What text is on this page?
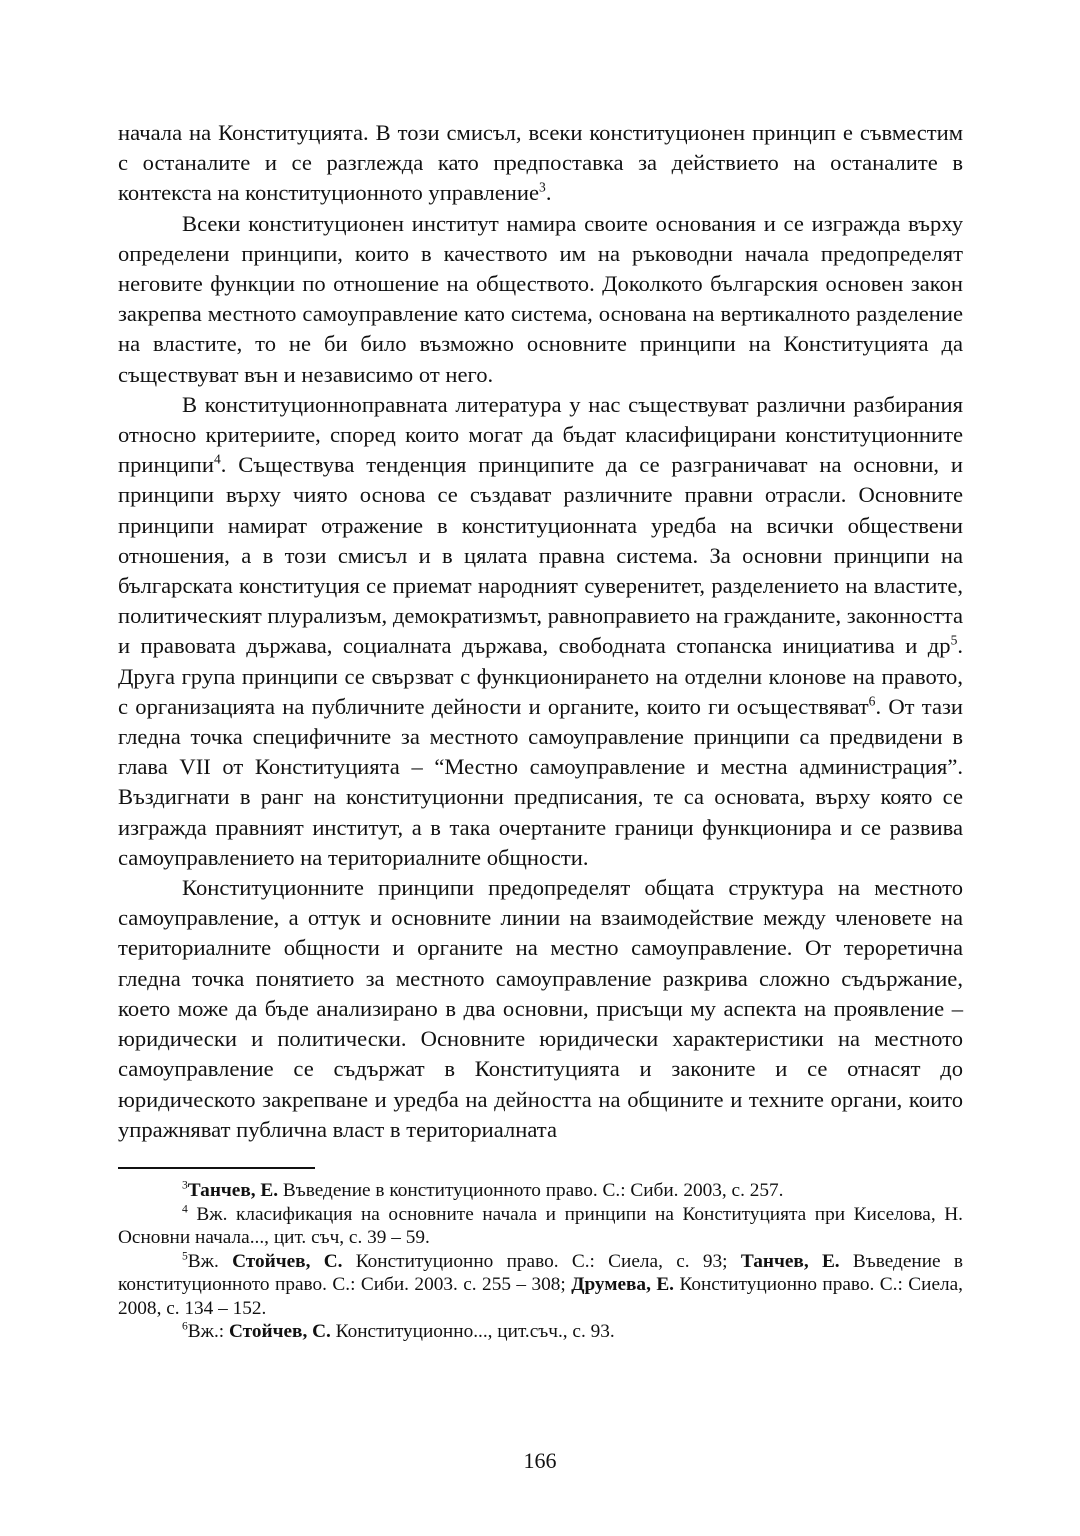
начала на Конституцията. В този смисъл, всеки конституционен принцип е съвместим с останалите и се разглежда като предпоставка за действието на останалите в контекста на конституционното управление$^3$.

Всеки конституционен институт намира своите основания и се изгражда върху определени принципи, които в качеството им на ръководни начала предопределят неговите функции по отношение на обществото. Доколкото българския основен закон закрепва местното самоуправление като система, основана на вертикалното разделение на властите, то не би било възможно основните принципи на Конституцията да съществуват вън и независимо от него.

В конституционноправната литература у нас съществуват различни разбирания относно критериите, според които могат да бъдат класифицирани конституционните принципи$^4$. Съществува тенденция принципите да се разграничават на основни, и принципи върху чиято основа се създават различните правни отрасли. Основните принципи намират отражение в конституционната уредба на всички обществени отношения, а в този смисъл и в цялата правна система. За основни принципи на българската конституция се приемат народният суверенитет, разделението на властите, политическият плурализъм, демократизмът, равноправието на гражданите, законността и правовата държава, социалната държава, свободната стопанска инициатива и $др^5$. Друга група принципи се свързват с функционирането на отделни клонове на правото, с организацията на публичните дейности и органите, които ги осъществяват$^6$. От тази гледна точка специфичните за местното самоуправление принципи са предвидени в глава VII от Конституцията – “Местно самоуправление и местна администрация”. Въздигнати в ранг на конституционни предписания, те са основата, върху която се изгражда правният институт, а в така очертаните граници функционира и се развива самоуправлението на териториалните общности.

Конституционните принципи предопределят общата структура на местното самоуправление, а оттук и основните линии на взаимодействие между членовете на териториалните общности и органите на местно самоуправление. От тероретична гледна точка понятието за местното самоуправление разкрива сложно съдържание, което може да бъде анализирано в два основни, присъщи му аспекта на проявление – юридически и политически. Основните юридически характеристики на местното самоуправление се съдържат в Конституцията и законите и се отнасят до юридическото закрепване и уредба на дейността на общините и техните органи, които упражняват публична власт в териториалната

$^3$Танчев, Е. Въведение в конституционното право. С.: Сиби. 2003, с. 257.

$^4$ Вж. класификация на основните начала и принципи на Конституцията при Киселова, Н. Основни начала..., цит. съч, с. 39 – 59.

$^5$Вж. Стойчев, С. Конституционно право. С.: Сиела, с. 93; Танчев, Е. Въведение в конституционното право. С.: Сиби. 2003. с. 255 – 308; Друмева, Е. Конституционно право. С.: Сиела, 2008, с. 134 – 152.

$^6$Вж.: Стойчев, С. Конституционно..., цит.съч., с. 93.

166
